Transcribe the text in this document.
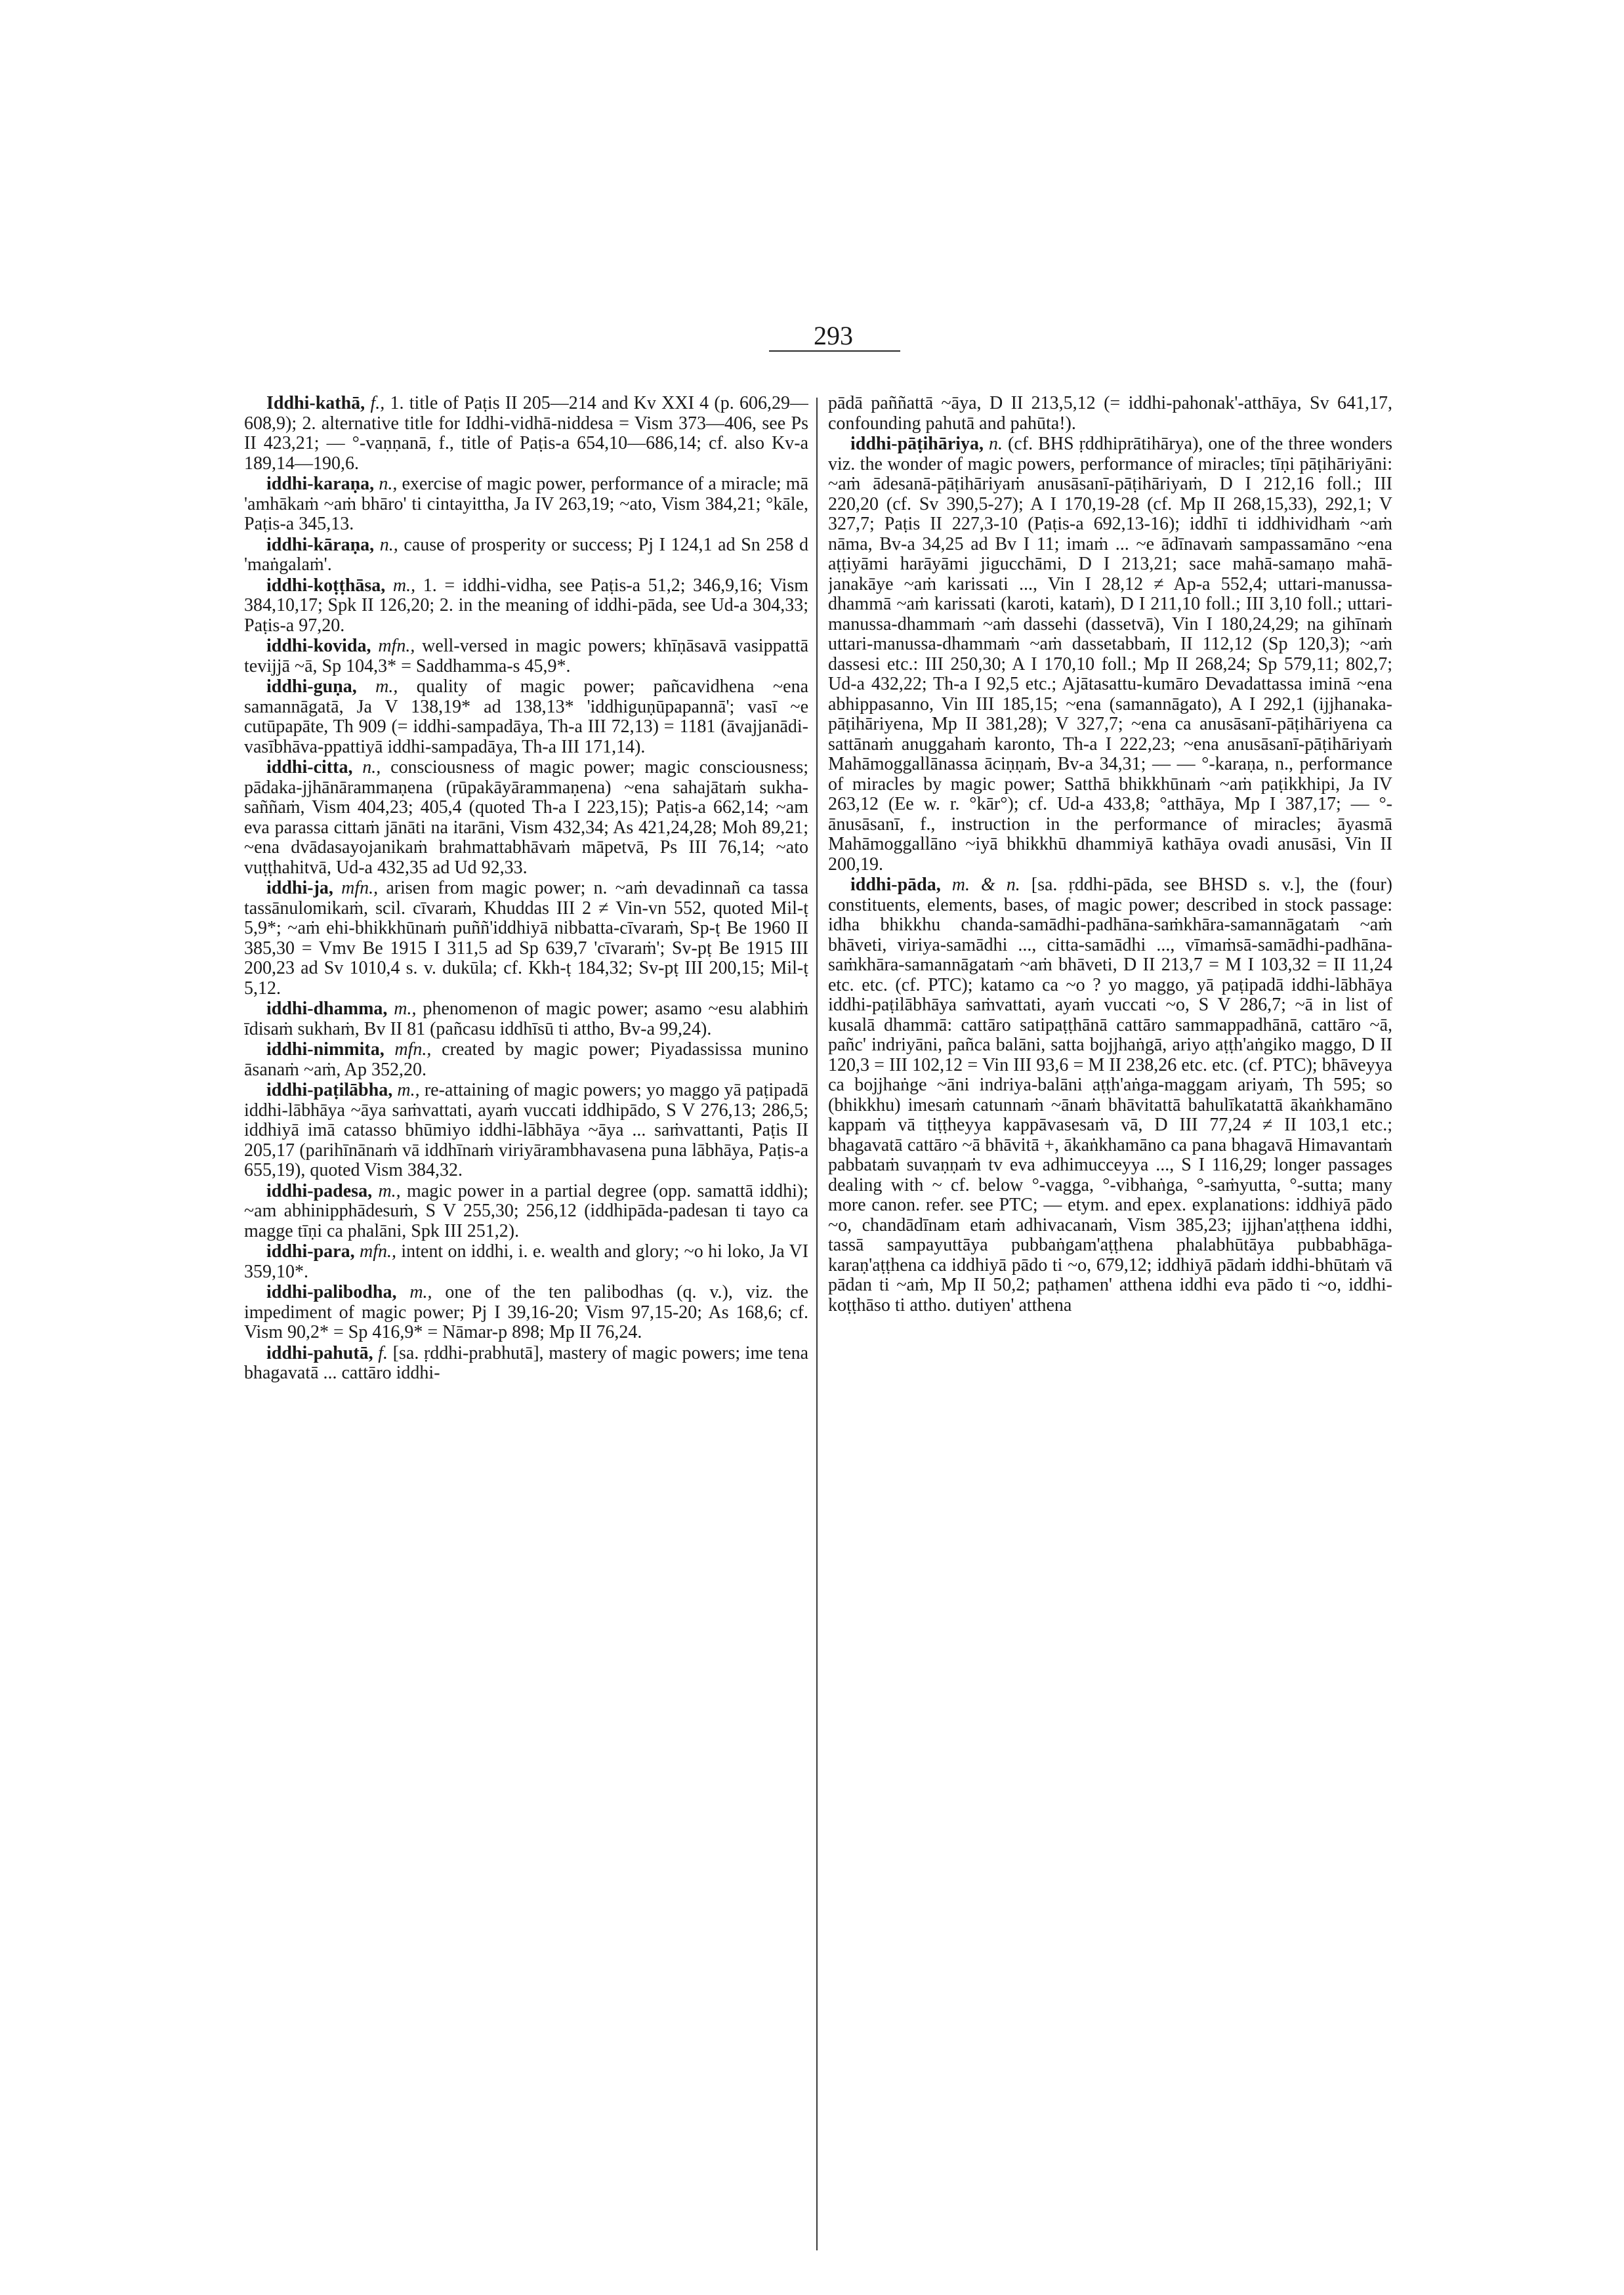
293

Iddhi-kathā, f., 1. title of Paṭis II 205—214 and Kv XXI 4 (p. 606,29—608,9); 2. alternative title for Iddhi-vidhā-niddesa = Vism 373—406, see Ps II 423,21; — °-vaṇṇanā, f., title of Paṭis-a 654,10—686,14; cf. also Kv-a 189,14—190,6.

iddhi-karaṇa, n., exercise of magic power, performance of a miracle; mā 'amhākaṁ ~aṁ bhāro' ti cintayittha, Ja IV 263,19; ~ato, Vism 384,21; °kāle, Paṭis-a 345,13.

iddhi-kāraṇa, n., cause of prosperity or success; Pj I 124,1 ad Sn 258 d 'maṅgalaṁ'.

iddhi-koṭṭhāsa, m., 1. = iddhi-vidha, see Paṭis-a 51,2; 346,9,16; Vism 384,10,17; Spk II 126,20; 2. in the meaning of iddhi-pāda, see Ud-a 304,33; Paṭis-a 97,20.

iddhi-kovida, mfn., well-versed in magic powers; khīṇāsavā vasippattā tevijjā ~ā, Sp 104,3* = Saddhamma-s 45,9*.

iddhi-guṇa, m., quality of magic power; pañcavidhena ~ena samannāgatā, Ja V 138,19* ad 138,13* 'iddhiguṇūpapannā'; vasī ~e cutūpapāte, Th 909 (= iddhi-sampadāya, Th-a III 72,13) = 1181 (āvajjanādi-vasībhāva-ppattiyā iddhi-sampadāya, Th-a III 171,14).

iddhi-citta, n., consciousness of magic power; magic consciousness; pādaka-jjhānārammaṇena (rūpakāyārammaṇena) ~ena sahajātaṁ sukha-saññaṁ, Vism 404,23; 405,4 (quoted Th-a I 223,15); Paṭis-a 662,14; ~am eva parassa cittaṁ jānāti na itarāni, Vism 432,34; As 421,24,28; Moh 89,21; ~ena dvādasayojanikaṁ brahmattabhāvaṁ māpetvā, Ps III 76,14; ~ato vuṭṭhahitvā, Ud-a 432,35 ad Ud 92,33.

iddhi-ja, mfn., arisen from magic power; n. ~aṁ devadinnañ ca tassa tassānulomikaṁ, scil. cīvaraṁ, Khuddas III 2 ≠ Vin-vn 552, quoted Mil-ṭ 5,9*; ~aṁ ehi-bhikkhūnaṁ puññ'iddhiyā nibbatta-cīvaraṁ, Sp-ṭ Be 1960 II 385,30 = Vmv Be 1915 I 311,5 ad Sp 639,7 'cīvaraṁ'; Sv-pṭ Be 1915 III 200,23 ad Sv 1010,4 s. v. dukūla; cf. Kkh-ṭ 184,32; Sv-pṭ III 200,15; Mil-ṭ 5,12.

iddhi-dhamma, m., phenomenon of magic power; asamo ~esu alabhiṁ īdisaṁ sukhaṁ, Bv II 81 (pañcasu iddhīsū ti attho, Bv-a 99,24).

iddhi-nimmita, mfn., created by magic power; Piyadassissa munino āsanaṁ ~aṁ, Ap 352,20.

iddhi-paṭilābha, m., re-attaining of magic powers; yo maggo yā paṭipadā iddhi-lābhāya ~āya saṁvattati, ayaṁ vuccati iddhipādo, S V 276,13; 286,5; iddhiyā imā catasso bhūmiyo iddhi-lābhāya ~āya ... saṁvattanti, Paṭis II 205,17 (parihīnānaṁ vā iddhīnaṁ viriyārambhavasena puna lābhāya, Paṭis-a 655,19), quoted Vism 384,32.

iddhi-padesa, m., magic power in a partial degree (opp. samattā iddhi); ~am abhinipphādesuṁ, S V 255,30; 256,12 (iddhipāda-padesan ti tayo ca magge tīṇi ca phalāni, Spk III 251,2).

iddhi-para, mfn., intent on iddhi, i. e. wealth and glory; ~o hi loko, Ja VI 359,10*.

iddhi-palibodha, m., one of the ten palibodhas (q. v.), viz. the impediment of magic power; Pj I 39,16-20; Vism 97,15-20; As 168,6; cf. Vism 90,2* = Sp 416,9* = Nāmar-p 898; Mp II 76,24.

iddhi-pahutā, f. [sa. ṛddhi-prabhutā], mastery of magic powers; ime tena bhagavatā ... cattāro iddhi-

pādā paññattā ~āya, D II 213,5,12 (= iddhi-pahonak'-atthāya, Sv 641,17, confounding pahutā and pahūta!).

iddhi-pāṭihāriya, n. (cf. BHS ṛddhiprātihārya), one of the three wonders viz. the wonder of magic powers, performance of miracles; tīṇi pāṭihāriyāni: ~aṁ ādesanā-pāṭihāriyaṁ anusāsanī-pāṭihāriyaṁ, D I 212,16 foll.; III 220,20 (cf. Sv 390,5-27); A I 170,19-28 (cf. Mp II 268,15,33), 292,1; V 327,7; Paṭis II 227,3-10 (Paṭis-a 692,13-16); iddhī ti iddhividhaṁ ~aṁ nāma, Bv-a 34,25 ad Bv I 11; imaṁ ... ~e ādīnavaṁ sampassamāno ~ena aṭṭiyāmi harāyāmi jigucchāmi, D I 213,21; sace mahā-samaṇo mahā-janakāye ~aṁ karissati ..., Vin I 28,12 ≠ Ap-a 552,4; uttari-manussa-dhammā ~aṁ karissati (karoti, kataṁ), D I 211,10 foll.; III 3,10 foll.; uttari-manussa-dhammaṁ ~aṁ dassehi (dassetvā), Vin I 180,24,29; na gihīnaṁ uttari-manussa-dhammaṁ ~aṁ dassetabbaṁ, II 112,12 (Sp 120,3); ~aṁ dassesi etc.: III 250,30; A I 170,10 foll.; Mp II 268,24; Sp 579,11; 802,7; Ud-a 432,22; Th-a I 92,5 etc.; Ajātasattu-kumāro Devadattassa iminā ~ena abhippasanno, Vin III 185,15; ~ena (samannāgato), A I 292,1 (ijjhanaka-pāṭihāriyena, Mp II 381,28); V 327,7; ~ena ca anusāsanī-pāṭihāriyena ca sattānaṁ anuggahaṁ karonto, Th-a I 222,23; ~ena anusāsanī-pāṭihāriyaṁ Mahāmoggallānassa āciṇṇaṁ, Bv-a 34,31; — — °-karaṇa, n., performance of miracles by magic power; Satthā bhikkhūnaṁ ~aṁ paṭikkhipi, Ja IV 263,12 (Ee w. r. °kār°); cf. Ud-a 433,8; °atthāya, Mp I 387,17; — °-ānusāsanī, f., instruction in the performance of miracles; āyasmā Mahāmoggallāno ~iyā bhikkhū dhammiyā kathāya ovadi anusāsi, Vin II 200,19.

iddhi-pāda, m. & n. [sa. ṛddhi-pāda, see BHSD s. v.], the (four) constituents, elements, bases, of magic power; described in stock passage: idha bhikkhu chanda-samādhi-padhāna-saṁkhāra-samannāgataṁ ~aṁ bhāveti, viriya-samādhi ..., citta-samādhi ..., vīmaṁsā-samādhi-padhāna-saṁkhāra-samannāgataṁ ~aṁ bhāveti, D II 213,7 = M I 103,32 = II 11,24 etc. etc. (cf. PTC); katamo ca ~o ? yo maggo, yā paṭipadā iddhi-lābhāya iddhi-paṭilābhāya saṁvattati, ayaṁ vuccati ~o, S V 286,7; ~ā in list of kusalā dhammā: cattāro satipaṭṭhānā cattāro sammappadhānā, cattāro ~ā, pañc' indriyāni, pañca balāni, satta bojjhaṅgā, ariyo aṭṭh'aṅgiko maggo, D II 120,3 = III 102,12 = Vin III 93,6 = M II 238,26 etc. etc. (cf. PTC); bhāveyya ca bojjhaṅge ~āni indriya-balāni aṭṭh'aṅga-maggam ariyaṁ, Th 595; so (bhikkhu) imesaṁ catunnaṁ ~ānaṁ bhāvitattā bahulīkatattā ākaṅkhamāno kappaṁ vā tiṭṭheyya kappāvasesaṁ vā, D III 77,24 ≠ II 103,1 etc.; bhagavatā cattāro ~ā bhāvitā +, ākaṅkhamāno ca pana bhagavā Himavantaṁ pabbataṁ suvaṇṇaṁ tv eva adhimucceyya ..., S I 116,29; longer passages dealing with ~ cf. below °-vagga, °-vibhaṅga, °-saṁyutta, °-sutta; many more canon. refer. see PTC; — etym. and epex. explanations: iddhiyā pādo ~o, chandādīnam etaṁ adhivacanaṁ, Vism 385,23; ijjhan'aṭṭhena iddhi, tassā sampayuttāya pubbaṅgam'aṭṭhena phalabhūtāya pubbabhāga-karaṇ'aṭṭhena ca iddhiyā pādo ti ~o, 679,12; iddhiyā pādaṁ iddhi-bhūtaṁ vā pādan ti ~aṁ, Mp II 50,2; paṭhamen' atthena iddhi eva pādo ti ~o, iddhi-koṭṭhāso ti attho. dutiyen' atthena
